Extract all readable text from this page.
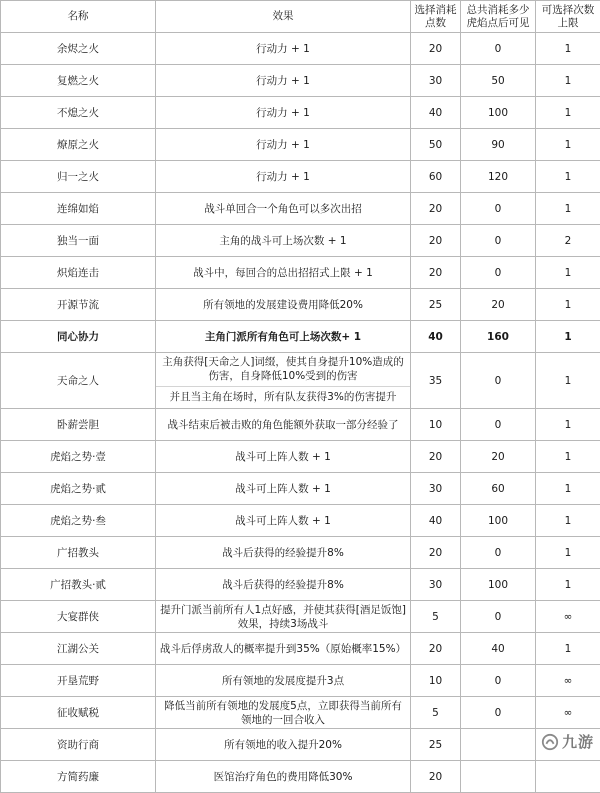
名称	效果	选择消耗点数	总共消耗多少虎焰点后可见	可选择次数上限
余烬之火	行动力 + 1	20	0	1
复燃之火	行动力 + 1	30	50	1
不熄之火	行动力 + 1	40	100	1
燎原之火	行动力 + 1	50	90	1
归一之火	行动力 + 1	60	120	1
连绵如焰	战斗单回合一个角色可以多次出招	20	0	1
独当一面	主角的战斗可上场次数 + 1	20	0	2
炽焰连击	战斗中，每回合的总出招招式上限 + 1	20	0	1
开源节流	所有领地的发展建设费用降低20%	25	20	1
同心协力	主角门派所有角色可上场次数+ 1	40	160	1
天命之人	主角获得[天命之人]词缀，使其自身提升10%造成的伤害，自身降低10%受到的伤害
并且当主角在场时，所有队友获得3%的伤害提升	35	0	1
卧薪尝胆	战斗结束后被击败的角色能额外获取一部分经验了	10	0	1
虎焰之势·壹	战斗可上阵人数 + 1	20	20	1
虎焰之势·贰	战斗可上阵人数 + 1	30	60	1
虎焰之势·叁	战斗可上阵人数 + 1	40	100	1
广招教头	战斗后获得的经验提升8%	20	0	1
广招教头·贰	战斗后获得的经验提升8%	30	100	1
大宴群侠	提升门派当前所有人1点好感，并使其获得[酒足饭饱]效果，持续3场战斗	5	0	∞
江湖公关	战斗后俘虏敌人的概率提升到35%（原始概率15%）	20	40	1
开垦荒野	所有领地的发展度提升3点	10	0	∞
征收赋税	降低当前所有领地的发展度5点，立即获得当前所有领地的一回合收入	5	0	∞
资助行商	所有领地的收入提升20%	25		
方简药廉	医馆治疗角色的费用降低30%	20		
九游
